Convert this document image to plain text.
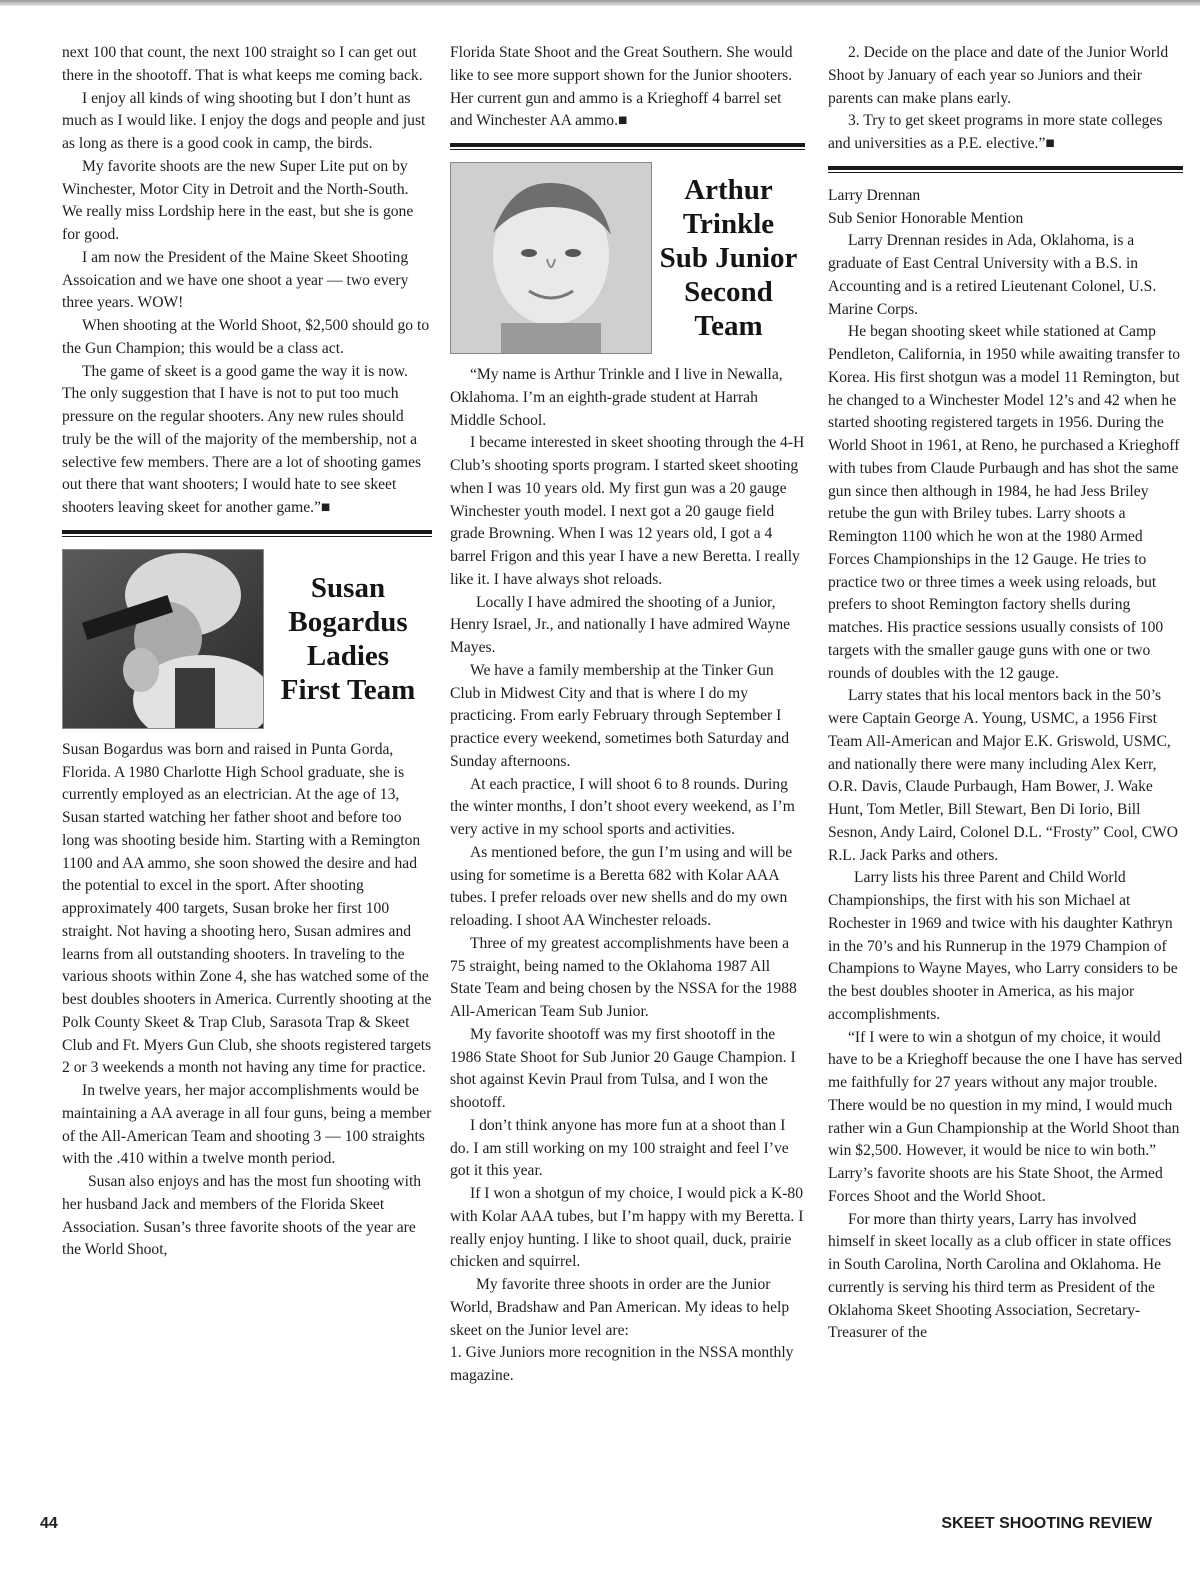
next 100 that count, the next 100 straight so I can get out there in the shootoff. That is what keeps me coming back.

I enjoy all kinds of wing shooting but I don’t hunt as much as I would like. I enjoy the dogs and people and just as long as there is a good cook in camp, the birds.

My favorite shoots are the new Super Lite put on by Winchester, Motor City in Detroit and the North-South. We really miss Lordship here in the east, but she is gone for good.

I am now the President of the Maine Skeet Shooting Assoication and we have one shoot a year — two every three years. WOW!

When shooting at the World Shoot, $2,500 should go to the Gun Champion; this would be a class act.

The game of skeet is a good game the way it is now. The only suggestion that I have is not to put too much pressure on the regular shooters. Any new rules should truly be the will of the majority of the membership, not a selective few members. There are a lot of shooting games out there that want shooters; I would hate to see skeet shooters leaving skeet for another game.”■

Susan
Bogardus
Ladies
First Team

Susan Bogardus was born and raised in Punta Gorda, Florida. A 1980 Charlotte High School graduate, she is currently employed as an electrician. At the age of 13, Susan started watching her father shoot and before too long was shooting beside him. Starting with a Remington 1100 and AA ammo, she soon showed the desire and had the potential to excel in the sport. After shooting approximately 400 targets, Susan broke her first 100 straight. Not having a shooting hero, Susan admires and learns from all outstanding shooters. In traveling to the various shoots within Zone 4, she has watched some of the best doubles shooters in America. Currently shooting at the Polk County Skeet & Trap Club, Sarasota Trap & Skeet Club and Ft. Myers Gun Club, she shoots registered targets 2 or 3 weekends a month not having any time for practice.

In twelve years, her major accomplishments would be maintaining a AA average in all four guns, being a member of the All-American Team and shooting 3 — 100 straights with the .410 within a twelve month period.

Susan also enjoys and has the most fun shooting with her husband Jack and members of the Florida Skeet Association. Susan’s three favorite shoots of the year are the World Shoot,

Florida State Shoot and the Great Southern. She would like to see more support shown for the Junior shooters. Her current gun and ammo is a Krieghoff 4 barrel set and Winchester AA ammo.■

Arthur
Trinkle
Sub Junior
Second
Team

“My name is Arthur Trinkle and I live in Newalla, Oklahoma. I’m an eighth-grade student at Harrah Middle School.

I became interested in skeet shooting through the 4-H Club’s shooting sports program. I started skeet shooting when I was 10 years old. My first gun was a 20 gauge Winchester youth model. I next got a 20 gauge field grade Browning. When I was 12 years old, I got a 4 barrel Frigon and this year I have a new Beretta. I really like it. I have always shot reloads.

Locally I have admired the shooting of a Junior, Henry Israel, Jr., and nationally I have admired Wayne Mayes.

We have a family membership at the Tinker Gun Club in Midwest City and that is where I do my practicing. From early February through September I practice every weekend, sometimes both Saturday and Sunday afternoons.

At each practice, I will shoot 6 to 8 rounds. During the winter months, I don’t shoot every weekend, as I’m very active in my school sports and activities.

As mentioned before, the gun I’m using and will be using for sometime is a Beretta 682 with Kolar AAA tubes. I prefer reloads over new shells and do my own reloading. I shoot AA Winchester reloads.

Three of my greatest accomplishments have been a 75 straight, being named to the Oklahoma 1987 All State Team and being chosen by the NSSA for the 1988 All-American Team Sub Junior.

My favorite shootoff was my first shootoff in the 1986 State Shoot for Sub Junior 20 Gauge Champion. I shot against Kevin Praul from Tulsa, and I won the shootoff.

I don’t think anyone has more fun at a shoot than I do. I am still working on my 100 straight and feel I’ve got it this year.

If I won a shotgun of my choice, I would pick a K-80 with Kolar AAA tubes, but I’m happy with my Beretta. I really enjoy hunting. I like to shoot quail, duck, prairie chicken and squirrel.

My favorite three shoots in order are the Junior World, Bradshaw and Pan American. My ideas to help skeet on the Junior level are:

1. Give Juniors more recognition in the NSSA monthly magazine.

2. Decide on the place and date of the Junior World Shoot by January of each year so Juniors and their parents can make plans early.

3. Try to get skeet programs in more state colleges and universities as a P.E. elective.”■

Larry Drennan

Sub Senior Honorable Mention

Larry Drennan resides in Ada, Oklahoma, is a graduate of East Central University with a B.S. in Accounting and is a retired Lieutenant Colonel, U.S. Marine Corps.

He began shooting skeet while stationed at Camp Pendleton, California, in 1950 while awaiting transfer to Korea. His first shotgun was a model 11 Remington, but he changed to a Winchester Model 12’s and 42 when he started shooting registered targets in 1956. During the World Shoot in 1961, at Reno, he purchased a Krieghoff with tubes from Claude Purbaugh and has shot the same gun since then although in 1984, he had Jess Briley retube the gun with Briley tubes. Larry shoots a Remington 1100 which he won at the 1980 Armed Forces Championships in the 12 Gauge. He tries to practice two or three times a week using reloads, but prefers to shoot Remington factory shells during matches. His practice sessions usually consists of 100 targets with the smaller gauge guns with one or two rounds of doubles with the 12 gauge.

Larry states that his local mentors back in the 50’s were Captain George A. Young, USMC, a 1956 First Team All-American and Major E.K. Griswold, USMC, and nationally there were many including Alex Kerr, O.R. Davis, Claude Purbaugh, Ham Bower, J. Wake Hunt, Tom Metler, Bill Stewart, Ben Di Iorio, Bill Sesnon, Andy Laird, Colonel D.L. “Frosty” Cool, CWO R.L. Jack Parks and others.

Larry lists his three Parent and Child World Championships, the first with his son Michael at Rochester in 1969 and twice with his daughter Kathryn in the 70’s and his Runnerup in the 1979 Champion of Champions to Wayne Mayes, who Larry considers to be the best doubles shooter in America, as his major accomplishments.

“If I were to win a shotgun of my choice, it would have to be a Krieghoff because the one I have has served me faithfully for 27 years without any major trouble. There would be no question in my mind, I would much rather win a Gun Championship at the World Shoot than win $2,500. However, it would be nice to win both.” Larry’s favorite shoots are his State Shoot, the Armed Forces Shoot and the World Shoot.

For more than thirty years, Larry has involved himself in skeet locally as a club officer in state offices in South Carolina, North Carolina and Oklahoma. He currently is serving his third term as President of the Oklahoma Skeet Shooting Association, Secretary-Treasurer of the

44	SKEET SHOOTING REVIEW
